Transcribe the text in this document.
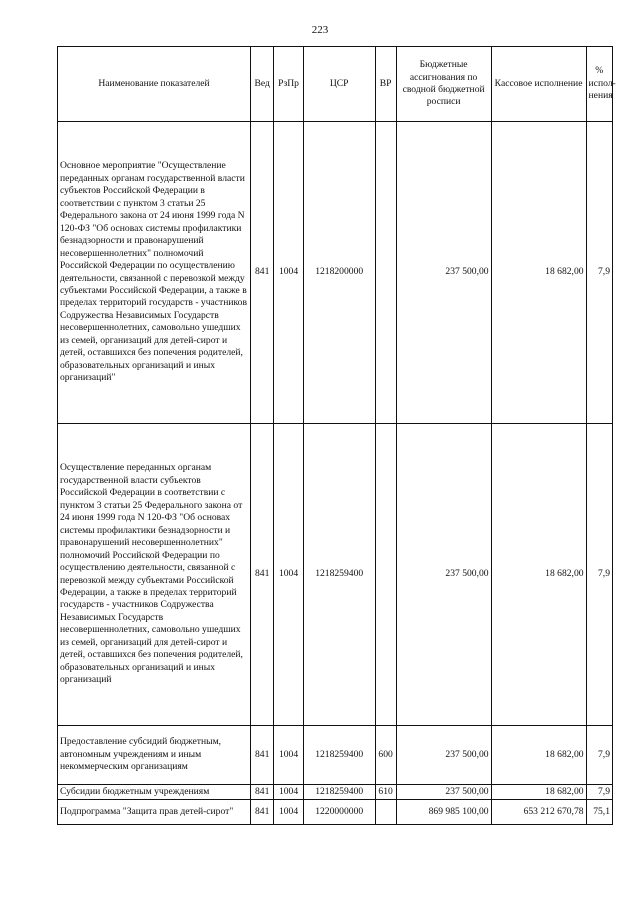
223
Наименование показателей	Вед	РзПр	ЦСР	ВР	Бюджетные ассигнования по сводной бюджетной росписи	Кассовое исполнение	% испол-нения
Основное мероприятие "Осуществление переданных органам государственной власти субъектов Российской Федерации в соответствии с пунктом 3 статьи 25 Федерального закона от 24 июня 1999 года N 120-ФЗ "Об основах системы профилактики безнадзорности и правонарушений несовершеннолетних" полномочий Российской Федерации по осуществлению деятельности, связанной с перевозкой между субъектами Российской Федерации, а также в пределах территорий государств - участников Содружества Независимых Государств несовершеннолетних, самовольно ушедших из семей, организаций для детей-сирот и детей, оставшихся без попечения родителей, образовательных организаций и иных организаций"	841	1004	1218200000		237 500,00	18 682,00	7,9
Осуществление переданных органам государственной власти субъектов Российской Федерации в соответствии с пунктом 3 статьи 25 Федерального закона от 24 июня 1999 года N 120-ФЗ "Об основах системы профилактики безнадзорности и правонарушений несовершеннолетних" полномочий Российской Федерации по осуществлению деятельности, связанной с перевозкой между субъектами Российской Федерации, а также в пределах территорий государств - участников Содружества Независимых Государств несовершеннолетних, самовольно ушедших из семей, организаций для детей-сирот и детей, оставшихся без попечения родителей, образовательных организаций и иных организаций	841	1004	1218259400		237 500,00	18 682,00	7,9
Предоставление субсидий бюджетным, автономным учреждениям и иным некоммерческим организациям	841	1004	1218259400	600	237 500,00	18 682,00	7,9
Субсидии бюджетным учреждениям	841	1004	1218259400	610	237 500,00	18 682,00	7,9
Подпрограмма "Защита прав детей-сирот"	841	1004	1220000000		869 985 100,00	653 212 670,78	75,1
